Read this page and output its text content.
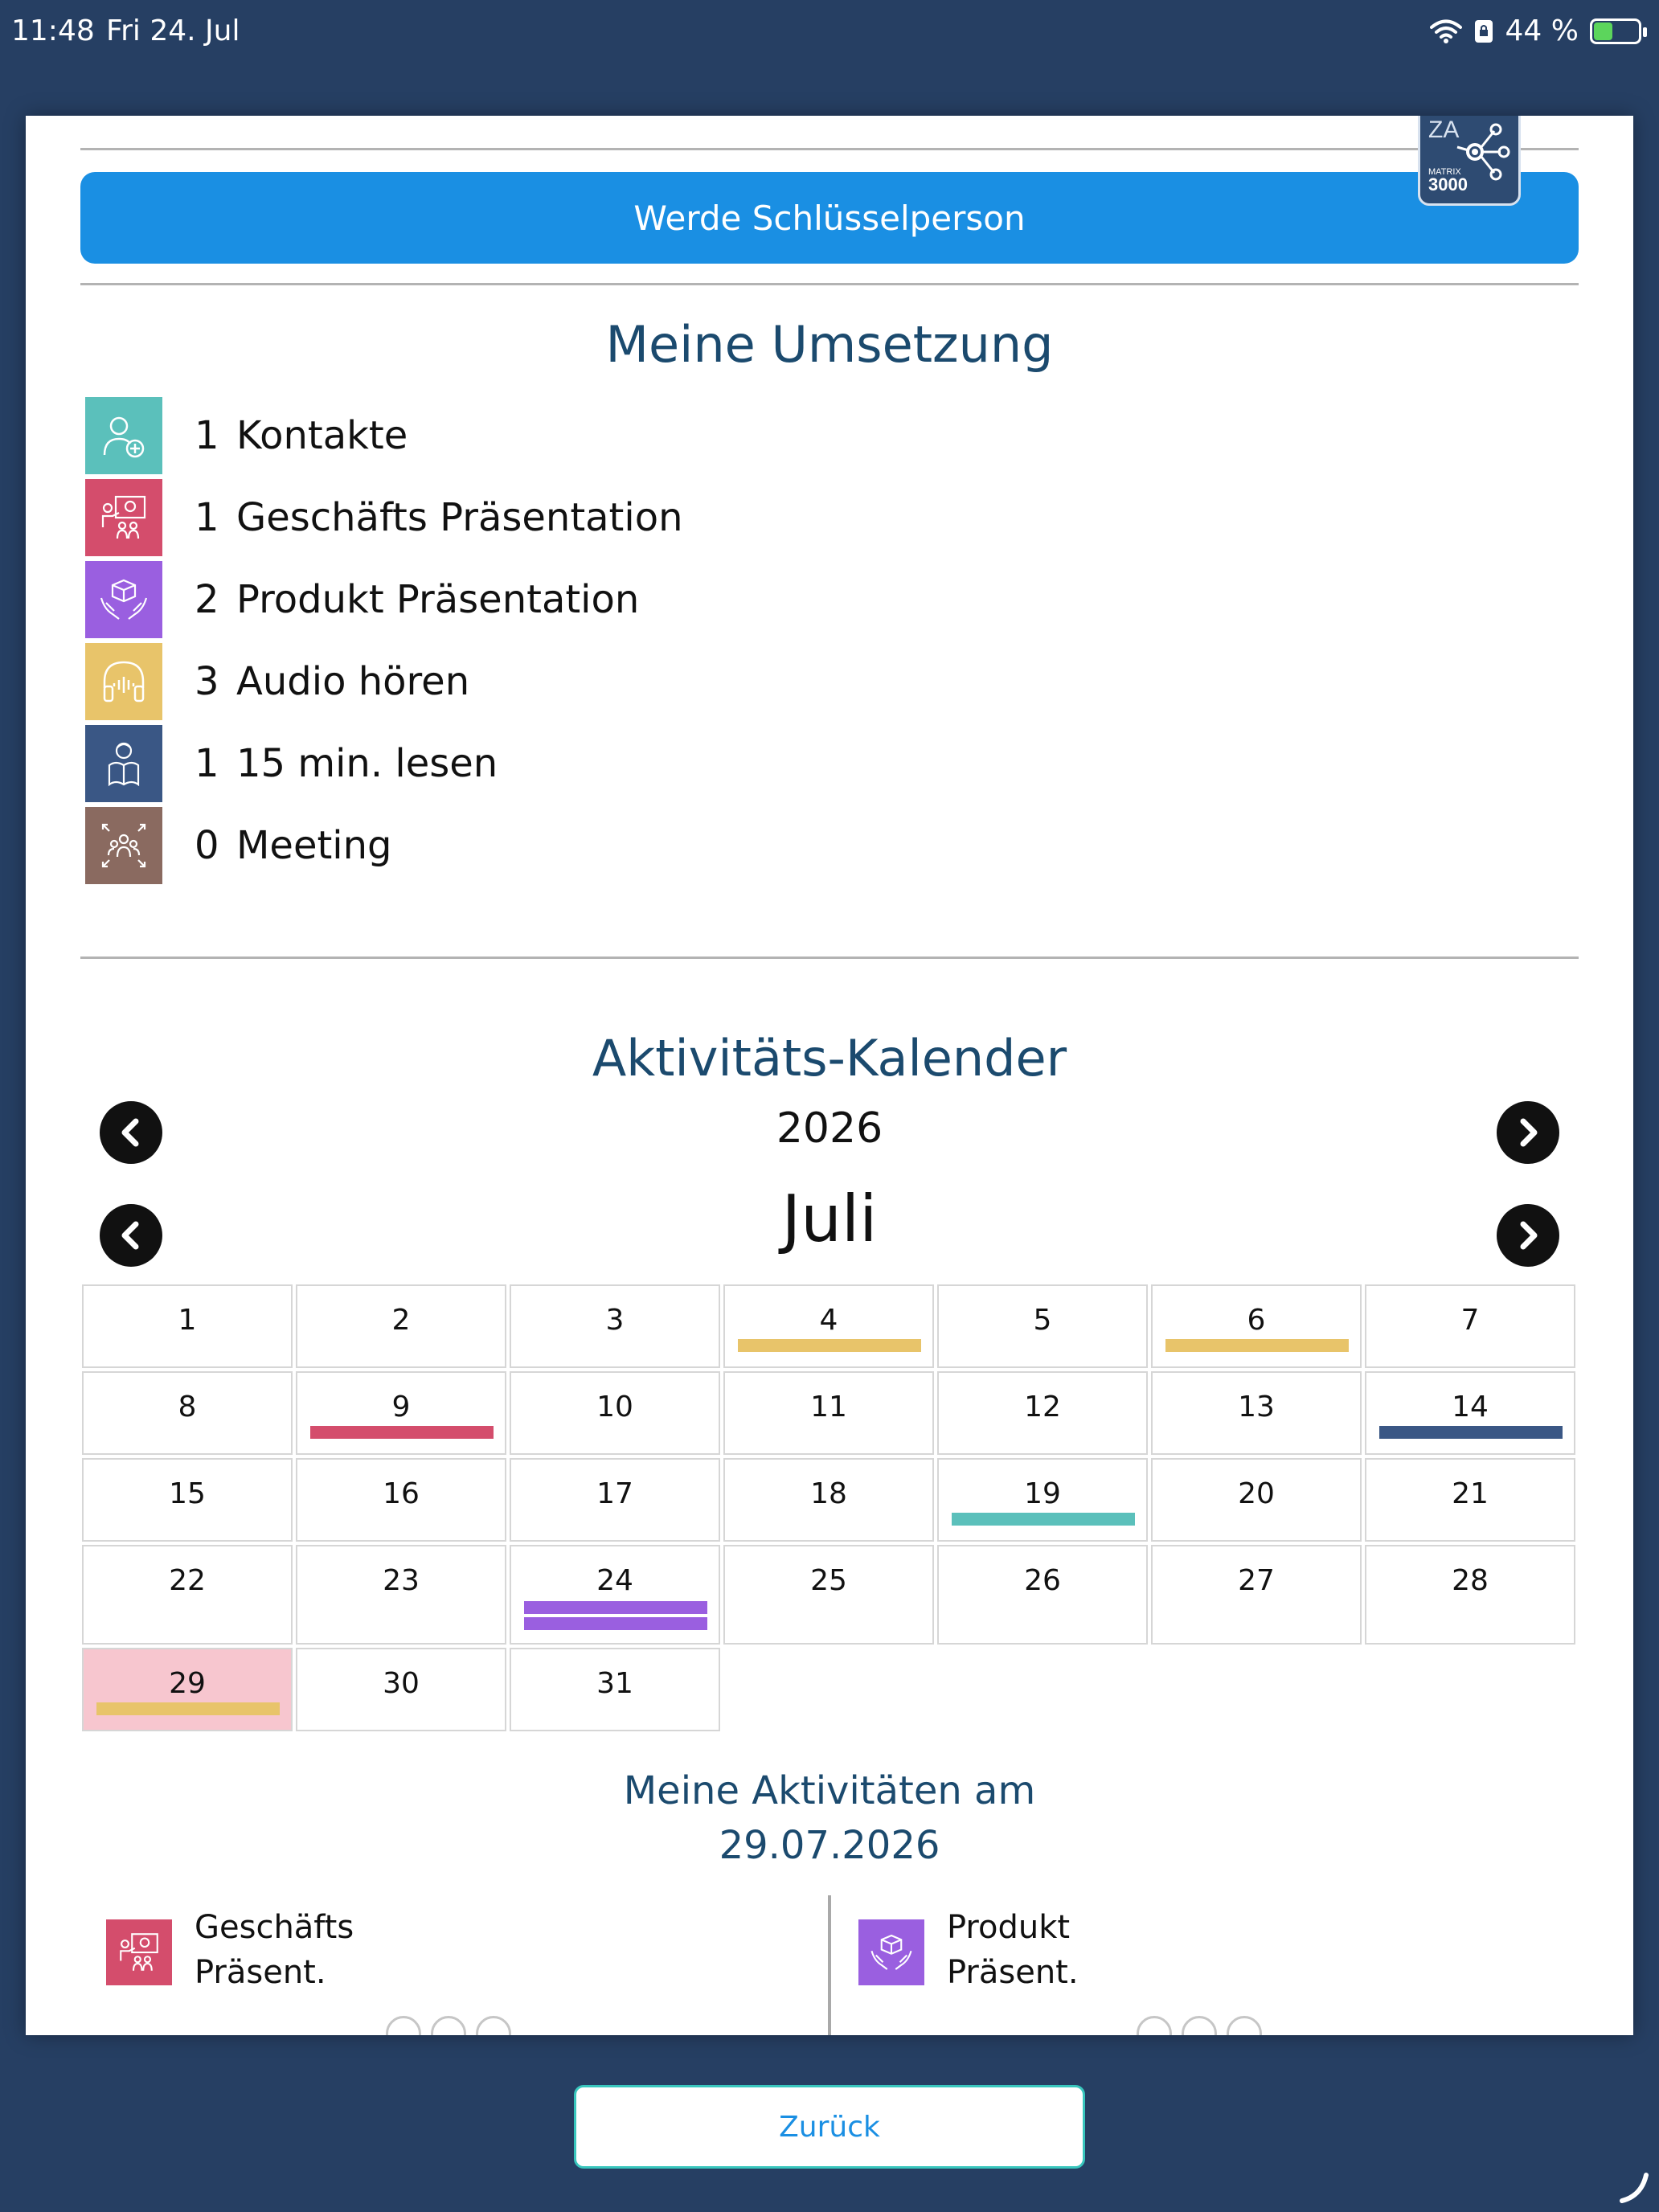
11:48 Fri 24. Jul	44 %
Werde Schlüsselperson
ZA
MATRIX
3000
Meine Umsetzung
1 Kontakte
1 Geschäfts Präsentation
2 Produkt Präsentation
3 Audio hören
1 15 min. lesen
0 Meeting
Aktivitäts-Kalender
2026
Juli
1	2	3	4	5	6	7
8	9	10	11	12	13	14
15	16	17	18	19	20	21
22	23	24	25	26	27	28
29	30	31
Meine Aktivitäten am
29.07.2026
Geschäfts
Präsent.
Produkt
Präsent.
Zurück
